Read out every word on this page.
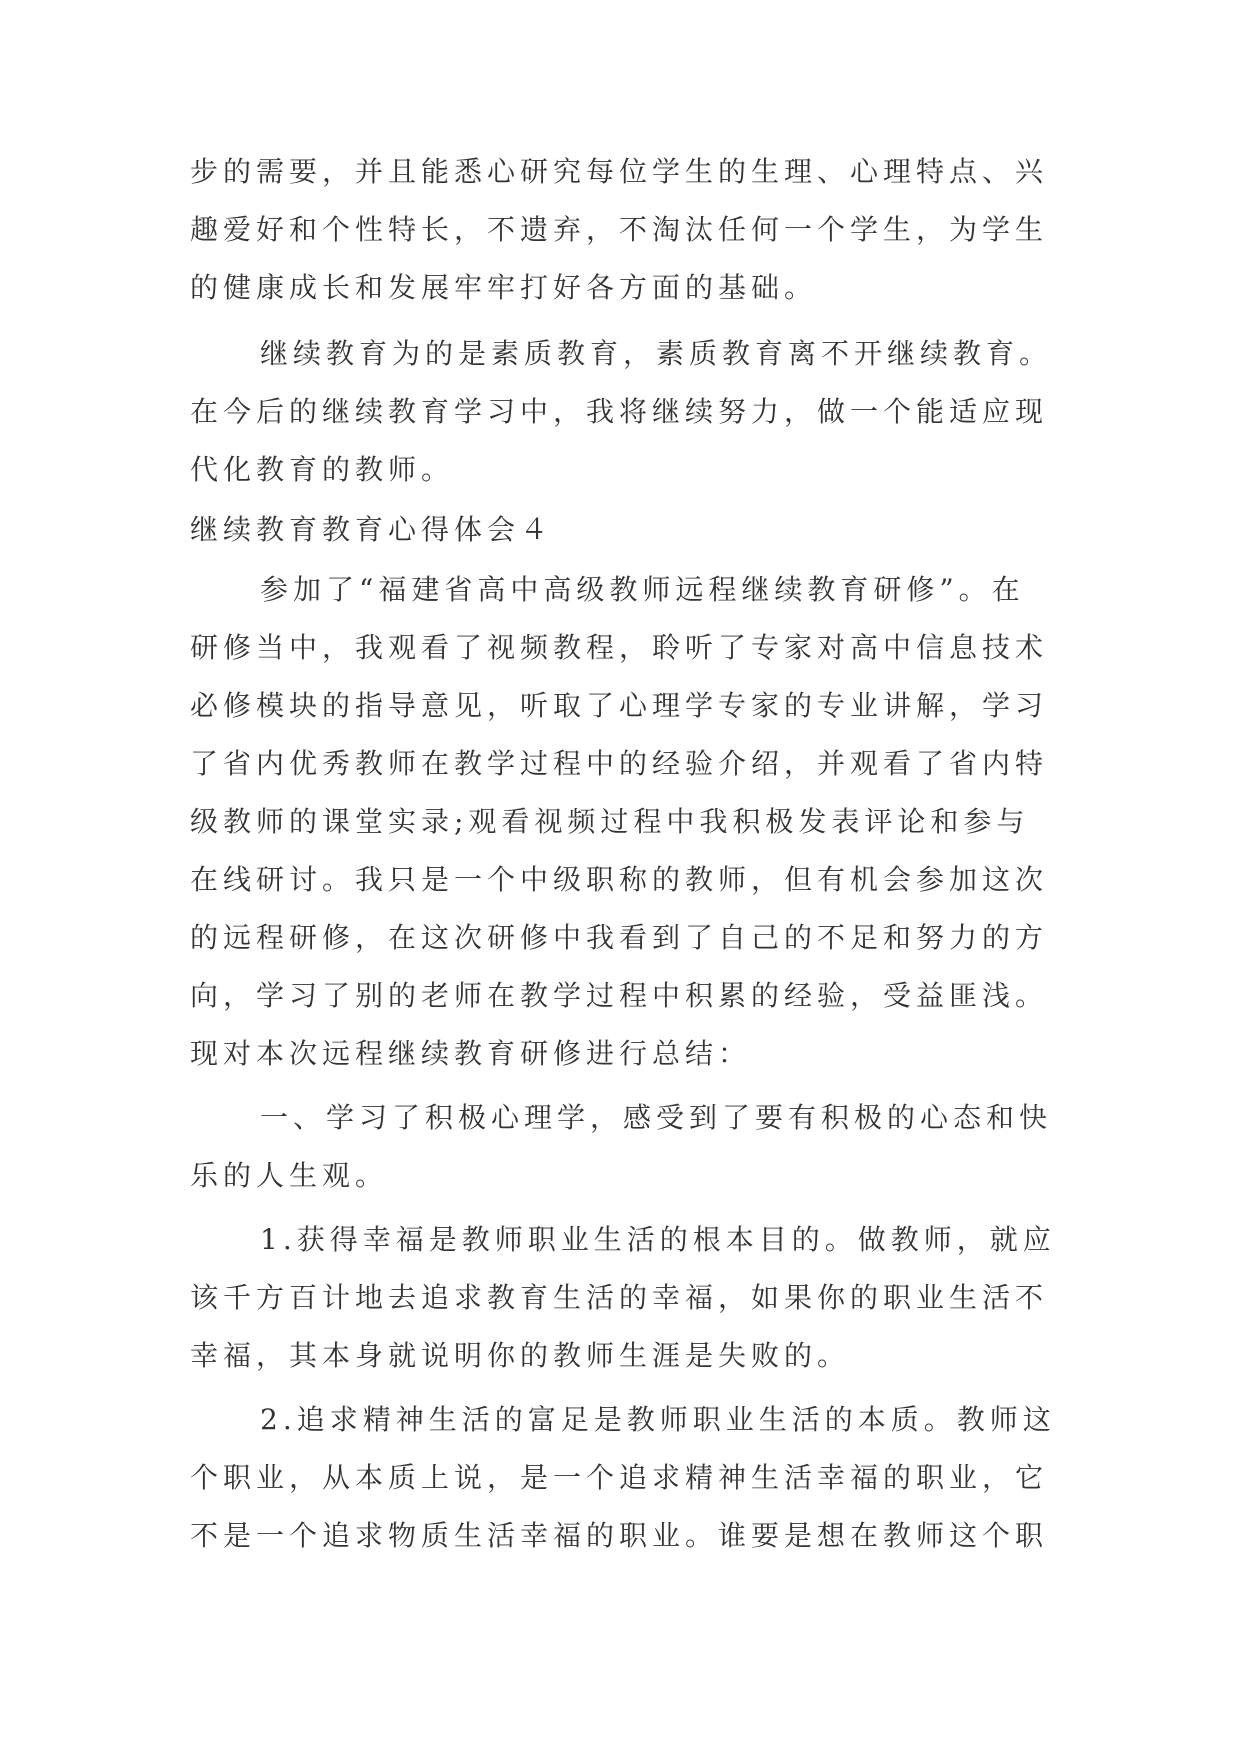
步的需要，并且能悉心研究每位学生的生理、心理特点、兴

趣爱好和个性特长，不遗弃，不淘汰任何一个学生，为学生

的健康成长和发展牢牢打好各方面的基础。

继续教育为的是素质教育，素质教育离不开继续教育。

在今后的继续教育学习中，我将继续努力，做一个能适应现

代化教育的教师。

继续教育教育心得体会４

参加了“福建省高中高级教师远程继续教育研修”。在

研修当中，我观看了视频教程，聆听了专家对高中信息技术

必修模块的指导意见，听取了心理学专家的专业讲解，学习

了省内优秀教师在教学过程中的经验介绍，并观看了省内特

级教师的课堂实录;观看视频过程中我积极发表评论和参与

在线研讨。我只是一个中级职称的教师，但有机会参加这次

的远程研修，在这次研修中我看到了自己的不足和努力的方

向，学习了别的老师在教学过程中积累的经验，受益匪浅。

现对本次远程继续教育研修进行总结：

一、学习了积极心理学，感受到了要有积极的心态和快

乐的人生观。

1.获得幸福是教师职业生活的根本目的。做教师，就应

该千方百计地去追求教育生活的幸福，如果你的职业生活不

幸福，其本身就说明你的教师生涯是失败的。

2.追求精神生活的富足是教师职业生活的本质。教师这

个职业，从本质上说，是一个追求精神生活幸福的职业，它

不是一个追求物质生活幸福的职业。谁要是想在教师这个职
